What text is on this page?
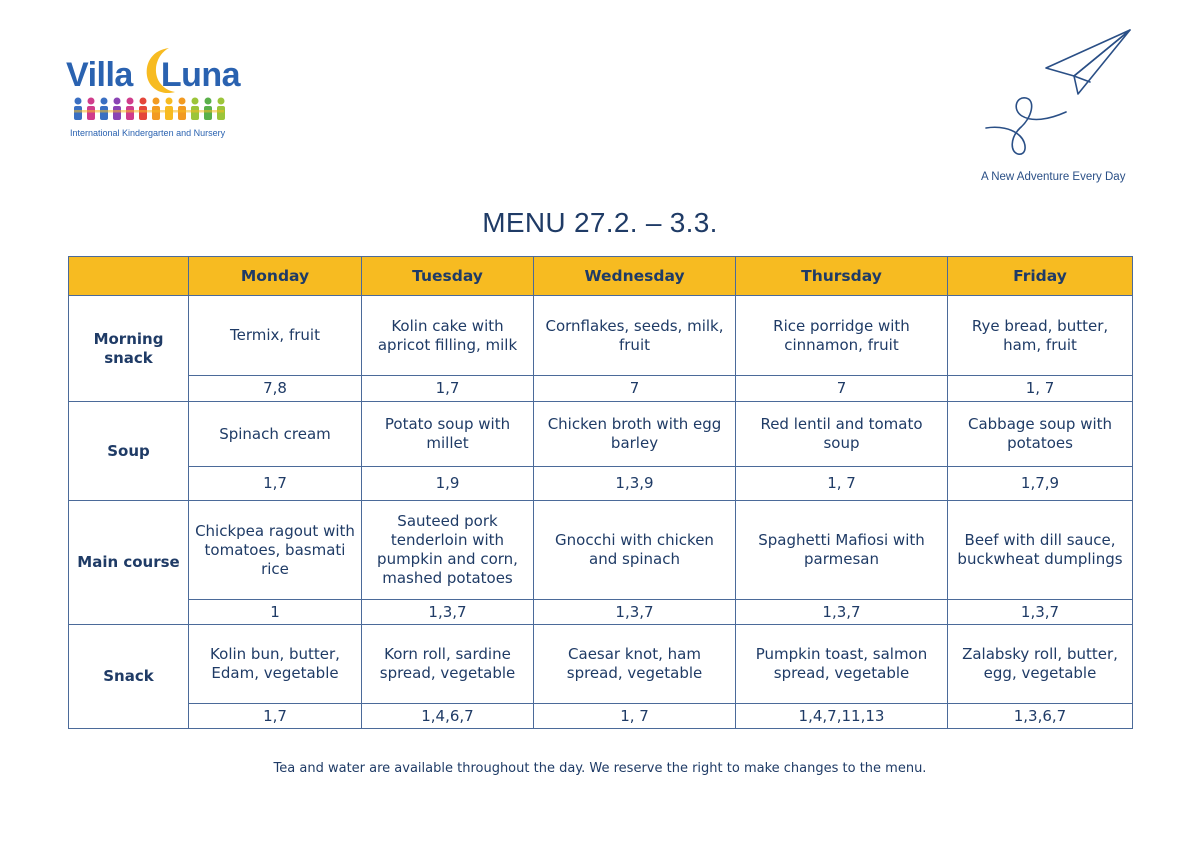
Villa Luna
International Kindergarten and Nursery
A New Adventure Every Day
MENU 27.2. – 3.3.
	Monday	Tuesday	Wednesday	Thursday	Friday
Morning snack	Termix, fruit	Kolin cake with apricot filling, milk	Cornflakes, seeds, milk, fruit	Rice porridge with cinnamon, fruit	Rye bread, butter, ham, fruit
	7,8	1,7	7	7	1, 7
Soup	Spinach cream	Potato soup with millet	Chicken broth with egg barley	Red lentil and tomato soup	Cabbage soup with potatoes
	1,7	1,9	1,3,9	1, 7	1,7,9
Main course	Chickpea ragout with tomatoes, basmati rice	Sauteed pork tenderloin with pumpkin and corn, mashed potatoes	Gnocchi with chicken and spinach	Spaghetti Mafiosi with parmesan	Beef with dill sauce, buckwheat dumplings
	1	1,3,7	1,3,7	1,3,7	1,3,7
Snack	Kolin bun, butter, Edam, vegetable	Korn roll, sardine spread, vegetable	Caesar knot, ham spread, vegetable	Pumpkin toast, salmon spread, vegetable	Zalabsky roll, butter, egg, vegetable
	1,7	1,4,6,7	1, 7	1,4,7,11,13	1,3,6,7
Tea and water are available throughout the day. We reserve the right to make changes to the menu.
